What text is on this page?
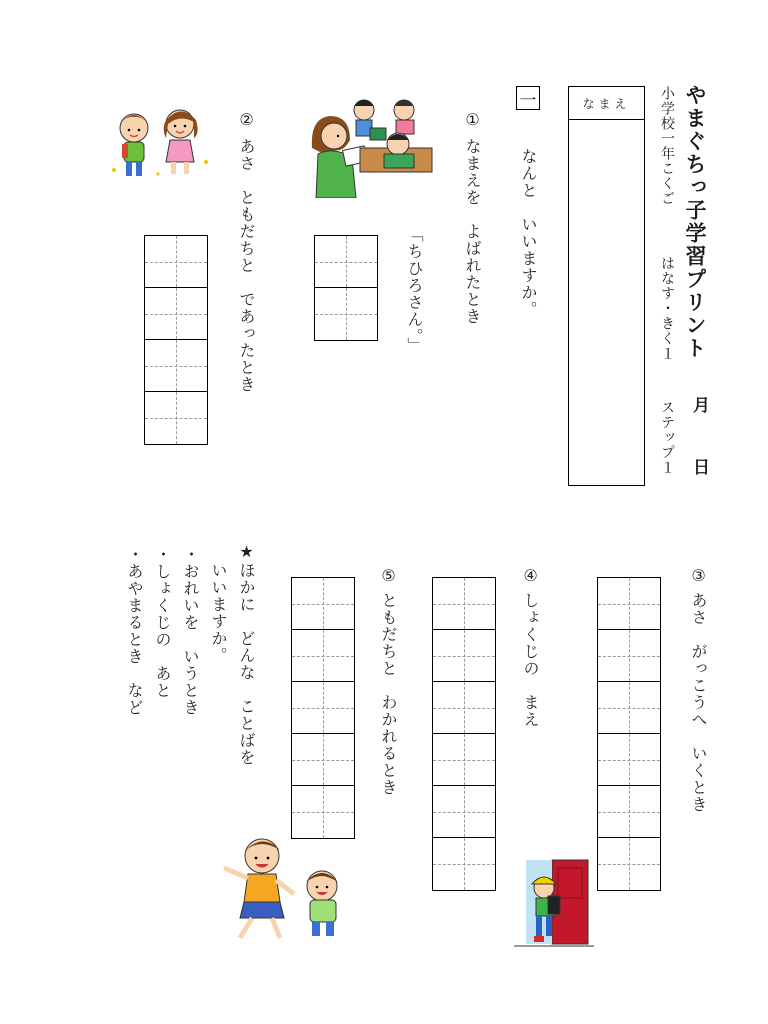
やまぐちっ子学習プリント
月
日
小学校一年こくご
はなす・きく１
ステップ１
なまえ
一
なんと　いいますか。
①
なまえを　よばれたとき
「ちひろさん。」
②
あさ　ともだちと　であったとき
③
あさ　がっこうへ　いくとき
④
しょくじの　まえ
⑤
ともだちと　わかれるとき
★ほかに　どんな　ことばを
いいますか。
・おれいを　いうとき
・しょくじの　あと
・あやまるとき　など
